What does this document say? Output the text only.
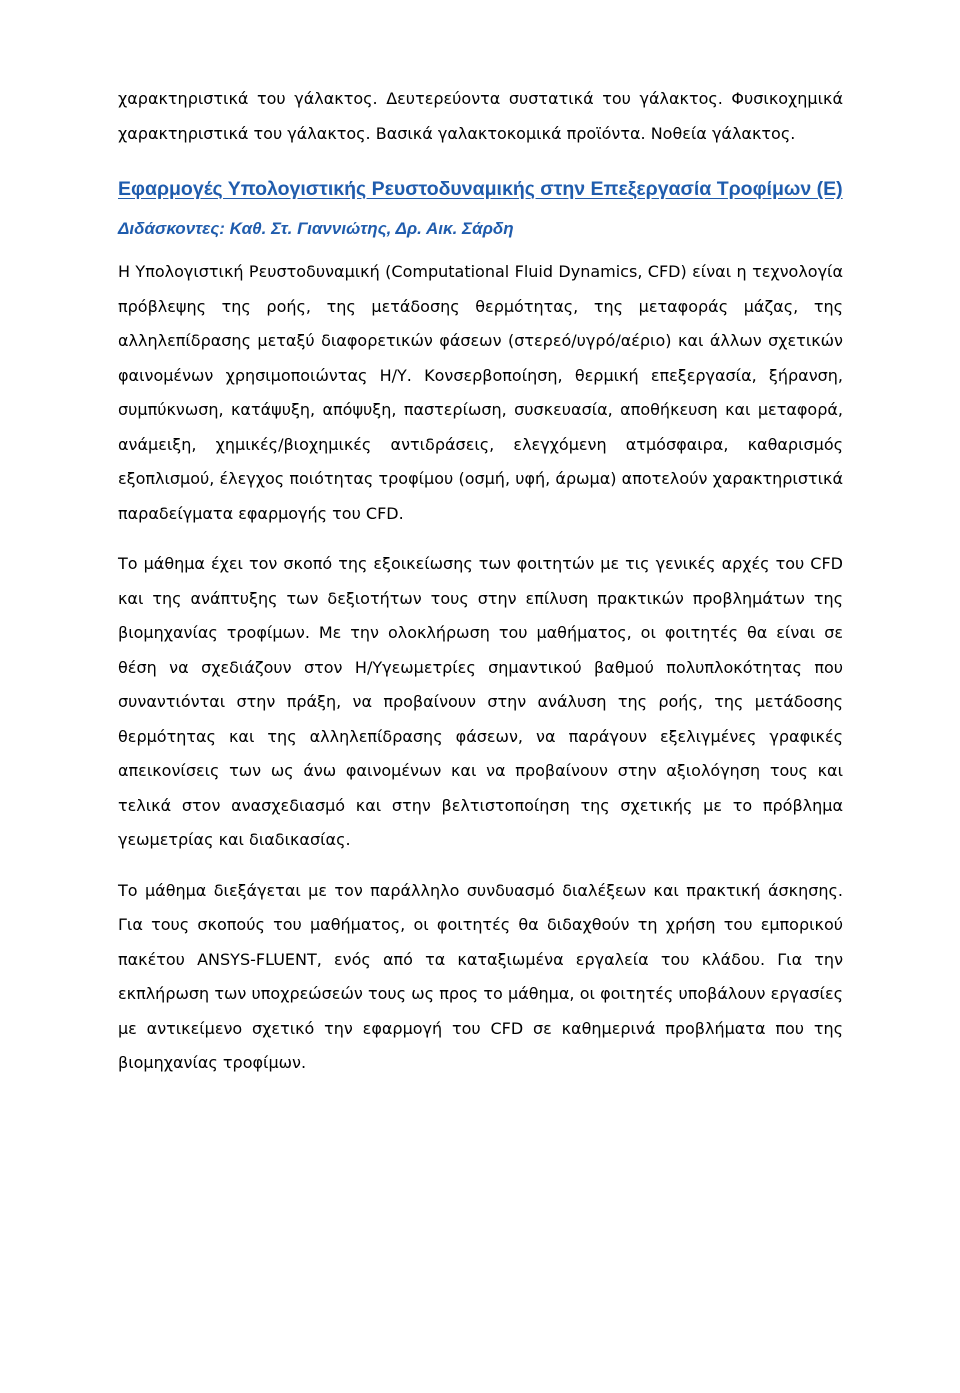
χαρακτηριστικά του γάλακτος. Δευτερεύοντα συστατικά του γάλακτος. Φυσικοχημικά χαρακτηριστικά του γάλακτος. Βασικά γαλακτοκομικά προϊόντα. Νοθεία γάλακτος.

Εφαρμογές Υπολογιστικής Ρευστοδυναμικής στην Επεξεργασία Τροφίμων (Ε)

Διδάσκοντες: Καθ. Στ. Γιαννιώτης, Δρ. Αικ. Σάρδη

Η Υπολογιστική Ρευστοδυναμική (Computational Fluid Dynamics, CFD) είναι η τεχνολογία πρόβλεψης της ροής, της μετάδοσης θερμότητας, της μεταφοράς μάζας, της αλληλεπίδρασης μεταξύ διαφορετικών φάσεων (στερεό/υγρό/αέριο) και άλλων σχετικών φαινομένων χρησιμοποιώντας Η/Υ. Κονσερβοποίηση, θερμική επεξεργασία, ξήρανση, συμπύκνωση, κατάψυξη, απόψυξη, παστερίωση, συσκευασία, αποθήκευση και μεταφορά, ανάμειξη, χημικές/βιοχημικές αντιδράσεις, ελεγχόμενη ατμόσφαιρα, καθαρισμός εξοπλισμού, έλεγχος ποιότητας τροφίμου (οσμή, υφή, άρωμα) αποτελούν χαρακτηριστικά παραδείγματα εφαρμογής του CFD.

Το μάθημα έχει τον σκοπό της εξοικείωσης των φοιτητών με τις γενικές αρχές του CFD και της ανάπτυξης των δεξιοτήτων τους στην επίλυση πρακτικών προβλημάτων της βιομηχανίας τροφίμων. Με την ολοκλήρωση του μαθήματος, οι φοιτητές θα είναι σε θέση να σχεδιάζουν στον Η/Υγεωμετρίες σημαντικού βαθμού πολυπλοκότητας που συναντιόνται στην πράξη, να προβαίνουν στην ανάλυση της ροής, της μετάδοσης θερμότητας και της αλληλεπίδρασης φάσεων, να παράγουν εξελιγμένες γραφικές απεικονίσεις των ως άνω φαινομένων και να προβαίνουν στην αξιολόγηση τους και τελικά στον ανασχεδιασμό και στην βελτιστοποίηση της σχετικής με το πρόβλημα γεωμετρίας και διαδικασίας.

Το μάθημα διεξάγεται με τον παράλληλο συνδυασμό διαλέξεων και πρακτική άσκησης. Για τους σκοπούς του μαθήματος, οι φοιτητές θα διδαχθούν τη χρήση του εμπορικού πακέτου ANSYS-FLUENT, ενός από τα καταξιωμένα εργαλεία του κλάδου. Για την εκπλήρωση των υποχρεώσεών τους ως προς το μάθημα, οι φοιτητές υποβάλουν εργασίες με αντικείμενο σχετικό την εφαρμογή του CFD σε καθημερινά προβλήματα που της βιομηχανίας τροφίμων.
